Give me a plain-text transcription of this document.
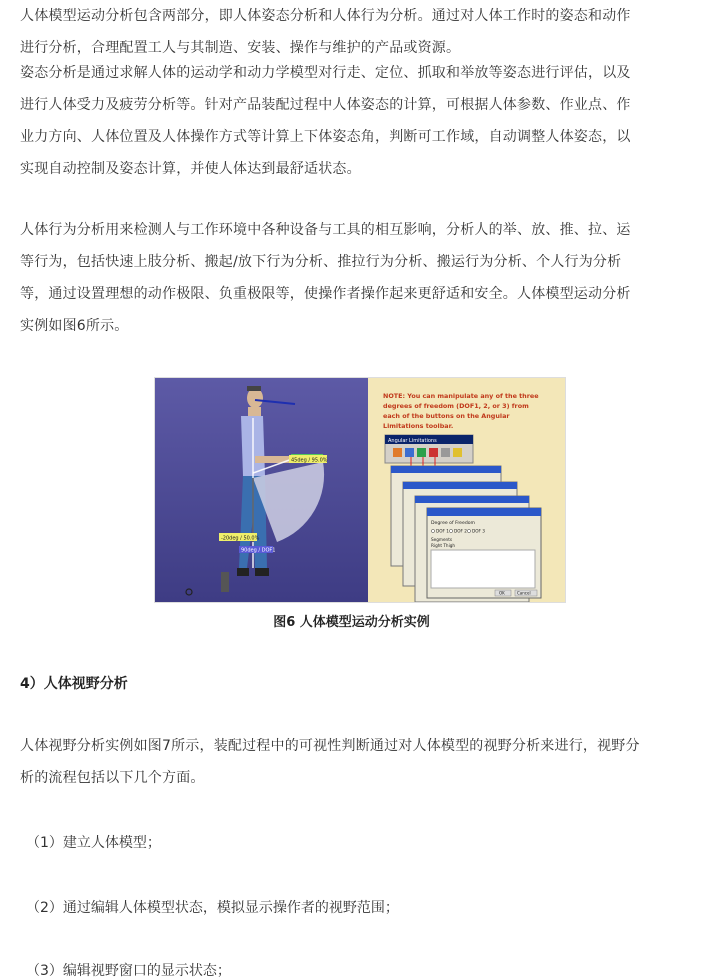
人体模型运动分析包含两部分，即人体姿态分析和人体行为分析。通过对人体工作时的姿态和动作
进行分析，合理配置工人与其制造、安装、操作与维护的产品或资源。

姿态分析是通过求解人体的运动学和动力学模型对行走、定位、抓取和举放等姿态进行评估，以及
进行人体受力及疲劳分析等。针对产品装配过程中人体姿态的计算，可根据人体参数、作业点、作
业力方向、人体位置及人体操作方式等计算上下体姿态角，判断可工作域，自动调整人体姿态，以
实现自动控制及姿态计算，并使人体达到最舒适状态。

人体行为分析用来检测人与工作环境中各种设备与工具的相互影响，分析人的举、放、推、拉、运
等行为，包括快速上肢分析、搬起/放下行为分析、推拉行为分析、搬运行为分析、个人行为分析
等，通过设置理想的动作极限、负重极限等，使操作者操作起来更舒适和安全。人体模型运动分析
实例如图6所示。

45deg / 95.0%
-20deg / 50.0%
90deg / DOF1
NOTE: You can manipulate any of the three
degrees of freedom (DOF1, 2, or 3) from
each of the buttons on the Angular
Limitations toolbar.
Angular Limitations
Degree of Freedom
DOF 1 DOF 2 DOF 3
Segments
Right Thigh
OK	Cancel
图6 人体模型运动分析实例
4）人体视野分析

人体视野分析实例如图7所示，装配过程中的可视性判断通过对人体模型的视野分析来进行，视野分
析的流程包括以下几个方面。

（1）建立人体模型；
（2）通过编辑人体模型状态，模拟显示操作者的视野范围；
（3）编辑视野窗口的显示状态；
